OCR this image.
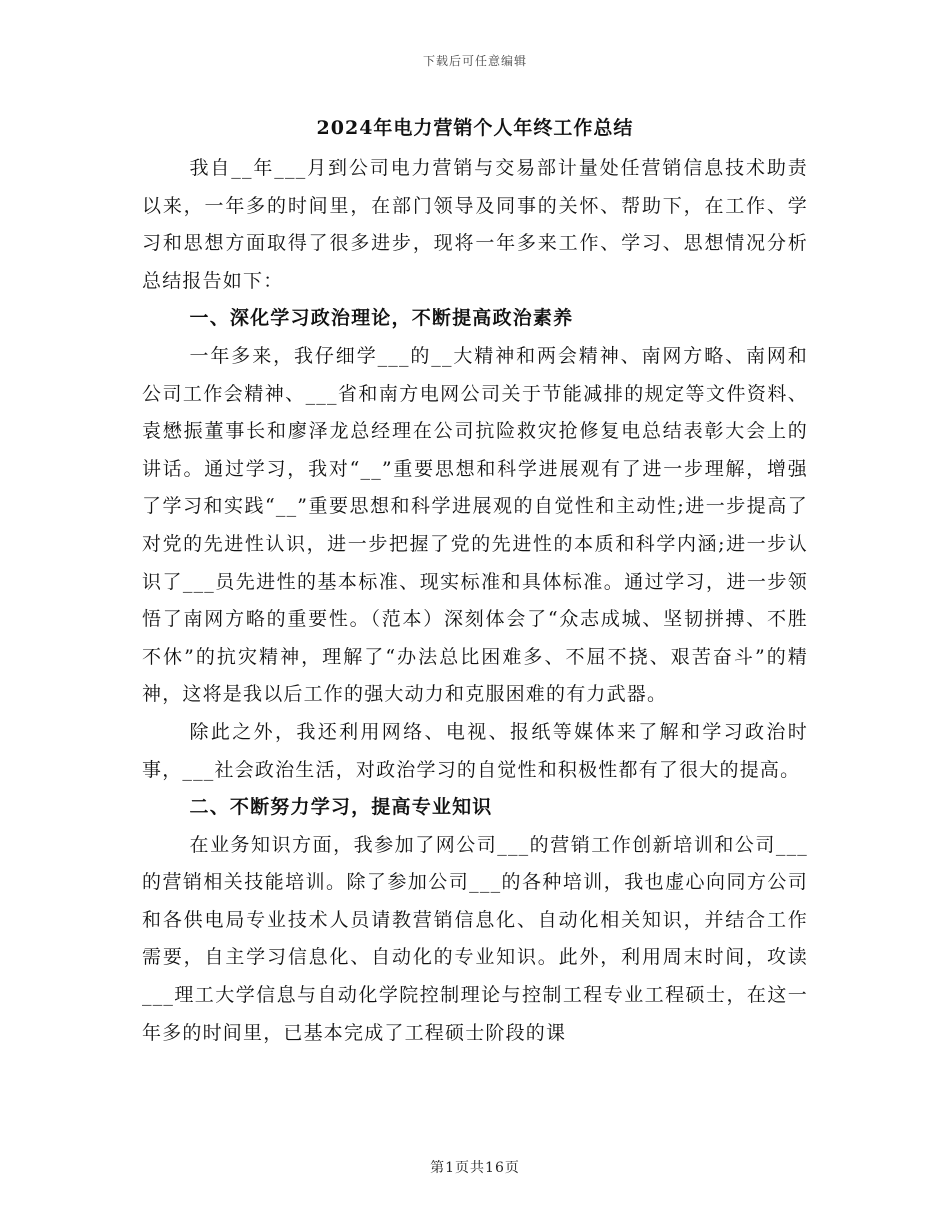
下载后可任意编辑
2024年电力营销个人年终工作总结

我自__年___月到公司电力营销与交易部计量处任营销信息技术助责以来，一年多的时间里，在部门领导及同事的关怀、帮助下，在工作、学习和思想方面取得了很多进步，现将一年多来工作、学习、思想情况分析总结报告如下：

一、深化学习政治理论，不断提高政治素养

一年多来，我仔细学___的__大精神和两会精神、南网方略、南网和公司工作会精神、___省和南方电网公司关于节能减排的规定等文件资料、袁懋振董事长和廖泽龙总经理在公司抗险救灾抢修复电总结表彰大会上的讲话。通过学习，我对“__”重要思想和科学进展观有了进一步理解，增强了学习和实践“__”重要思想和科学进展观的自觉性和主动性;进一步提高了对党的先进性认识，进一步把握了党的先进性的本质和科学内涵;进一步认识了___员先进性的基本标准、现实标准和具体标准。通过学习，进一步领悟了南网方略的重要性。（范本）深刻体会了“众志成城、坚韧拼搏、不胜不休”的抗灾精神，理解了“办法总比困难多、不屈不挠、艰苦奋斗”的精神，这将是我以后工作的强大动力和克服困难的有力武器。

除此之外，我还利用网络、电视、报纸等媒体来了解和学习政治时事，___社会政治生活，对政治学习的自觉性和积极性都有了很大的提高。

二、不断努力学习，提高专业知识

在业务知识方面，我参加了网公司___的营销工作创新培训和公司___的营销相关技能培训。除了参加公司___的各种培训，我也虚心向同方公司和各供电局专业技术人员请教营销信息化、自动化相关知识，并结合工作需要，自主学习信息化、自动化的专业知识。此外，利用周末时间，攻读___理工大学信息与自动化学院控制理论与控制工程专业工程硕士，在这一年多的时间里，已基本完成了工程硕士阶段的课

第1页共16页
